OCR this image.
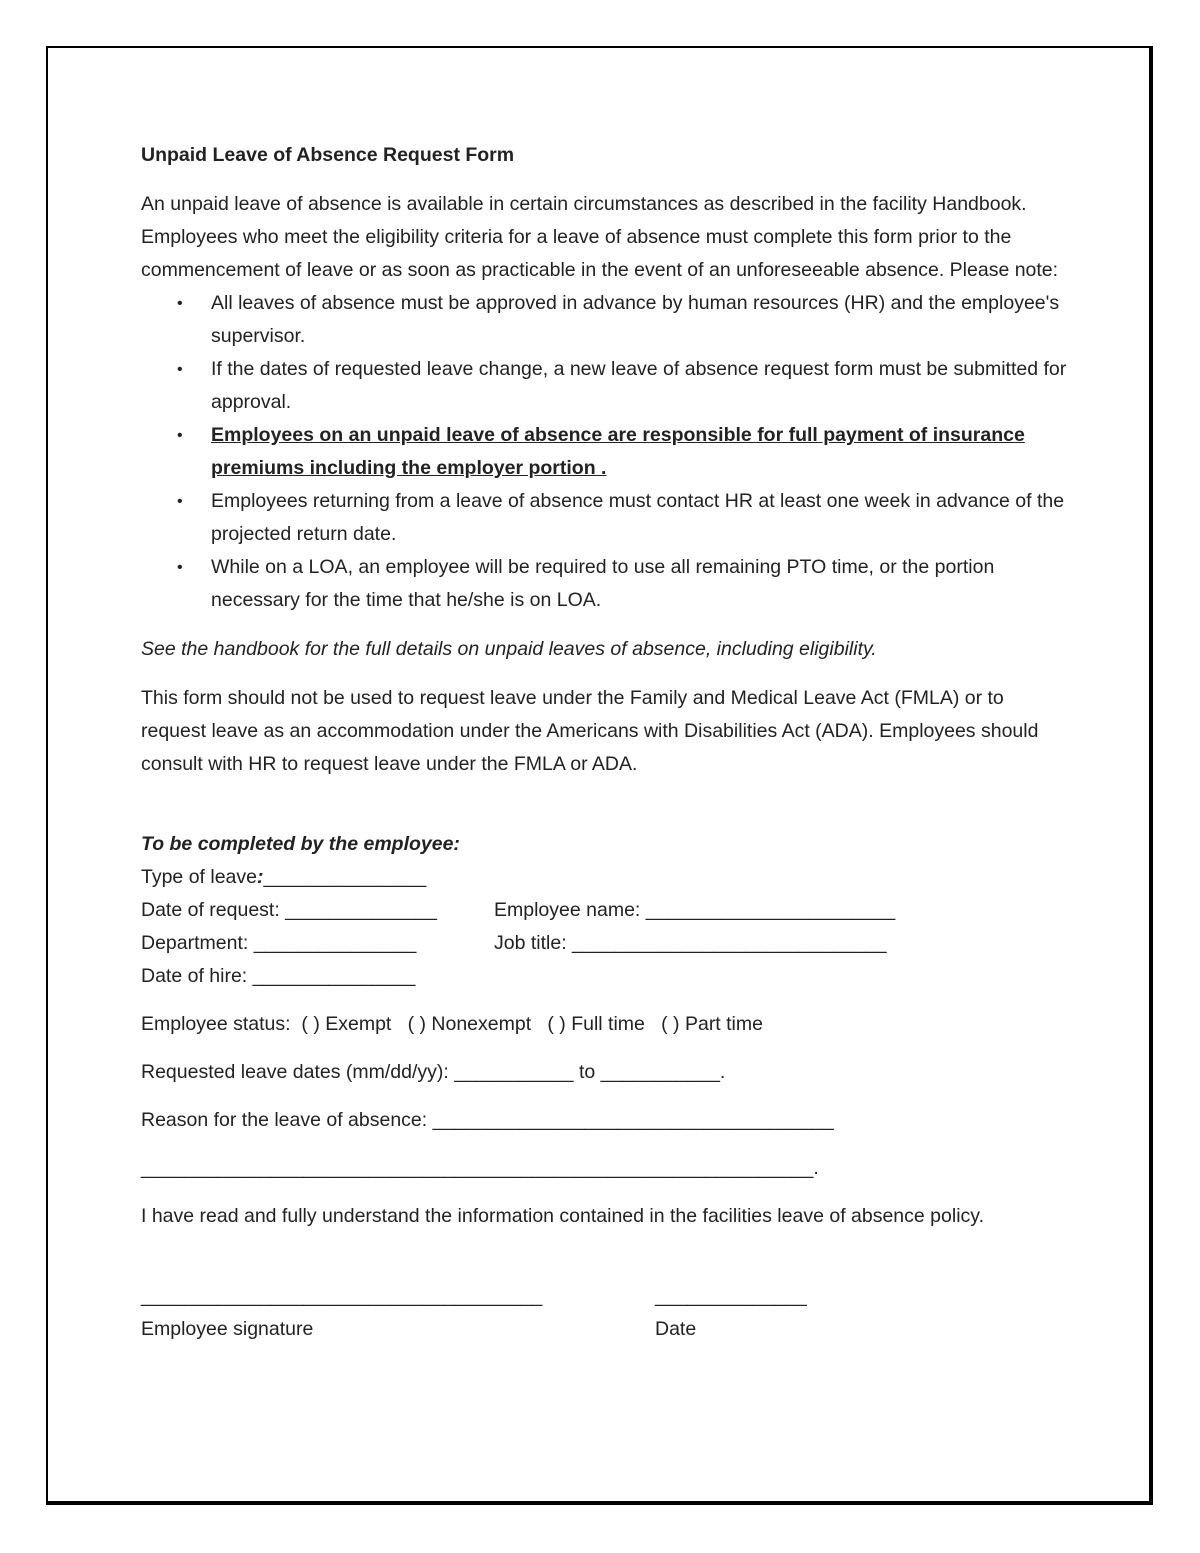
Unpaid Leave of Absence Request Form

An unpaid leave of absence is available in certain circumstances as described in the facility Handbook. Employees who meet the eligibility criteria for a leave of absence must complete this form prior to the commencement of leave or as soon as practicable in the event of an unforeseeable absence. Please note:

• All leaves of absence must be approved in advance by human resources (HR) and the employee's supervisor.
• If the dates of requested leave change, a new leave of absence request form must be submitted for approval.
• Employees on an unpaid leave of absence are responsible for full payment of insurance premiums including the employer portion .
• Employees returning from a leave of absence must contact HR at least one week in advance of the projected return date.
• While on a LOA, an employee will be required to use all remaining PTO time, or the portion necessary for the time that he/she is on LOA.

See the handbook for the full details on unpaid leaves of absence, including eligibility.

This form should not be used to request leave under the Family and Medical Leave Act (FMLA) or to request leave as an accommodation under the Americans with Disabilities Act (ADA). Employees should consult with HR to request leave under the FMLA or ADA.

To be completed by the employee:

Type of leave:_______________
Date of request: ______________	Employee name: _______________________
Department: _______________	Job title: _____________________________
Date of hire: _______________
Employee status:  ( ) Exempt   ( ) Nonexempt   ( ) Full time   ( ) Part time
Requested leave dates (mm/dd/yy): ___________ to ___________.
Reason for the leave of absence: _____________________________________
______________________________________________________________.

I have read and fully understand the information contained in the facilities leave of absence policy.

_____________________________________	______________
Employee signature	Date
